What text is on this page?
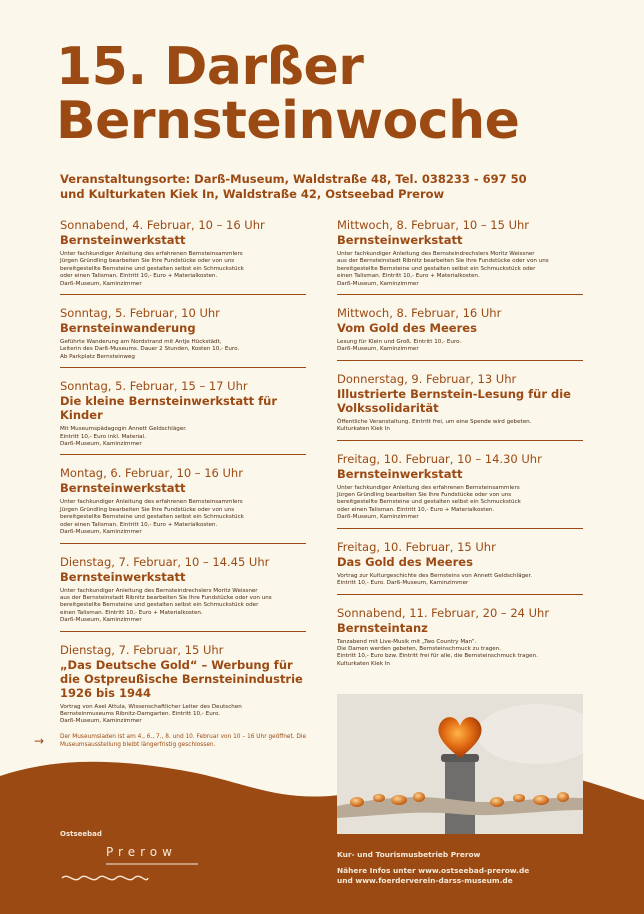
15. Darßer
Bernsteinwoche
Veranstaltungsorte: Darß-Museum, Waldstraße 48, Tel. 038233 - 697 50
und Kulturkaten Kiek In, Waldstraße 42, Ostseebad Prerow
Sonnabend, 4. Februar, 10 – 16 Uhr
Bernsteinwerkstatt
Unter fachkundiger Anleitung des erfahrenen Bernsteinsammlers
Jürgen Gründling bearbeiten Sie Ihre Fundstücke oder von uns
bereitgestellte Bernsteine und gestalten selbst ein Schmuckstück
oder einen Talisman. Eintritt 10,- Euro + Materialkosten.
Darß-Museum, Kaminzimmer
Sonntag, 5. Februar, 10 Uhr
Bernsteinwanderung
Geführte Wanderung am Nordstrand mit Antje Hückstädt,
Leiterin des Darß-Museums. Dauer 2 Stunden, Kosten 10,- Euro.
Ab Parkplatz Bernsteinweg
Sonntag, 5. Februar, 15 – 17 Uhr
Die kleine Bernsteinwerkstatt für Kinder
Mit Museumspädagogin Annett Geldschläger.
Eintritt 10,- Euro inkl. Material.
Darß-Museum, Kaminzimmer
Montag, 6. Februar, 10 – 16 Uhr
Bernsteinwerkstatt
Unter fachkundiger Anleitung des erfahrenen Bernsteinsammlers
Jürgen Gründling bearbeiten Sie Ihre Fundstücke oder von uns
bereitgestellte Bernsteine und gestalten selbst ein Schmuckstück
oder einen Talisman. Eintritt 10,- Euro + Materialkosten.
Darß-Museum, Kaminzimmer
Dienstag, 7. Februar, 10 – 14.45 Uhr
Bernsteinwerkstatt
Unter fachkundiger Anleitung des Bernsteindrechslers Moritz Weissner
aus der Bernsteinstadt Ribnitz bearbeiten Sie Ihre Fundstücke oder von uns
bereitgestellte Bernsteine und gestalten selbst ein Schmuckstück oder
einen Talisman. Eintritt 10,- Euro + Materialkosten.
Darß-Museum, Kaminzimmer
Dienstag, 7. Februar, 15 Uhr
„Das Deutsche Gold“ – Werbung für die Ostpreußische Bernsteinindustrie 1926 bis 1944
Vortrag von Axel Attula, Wissenschaftlicher Leiter des Deutschen
Bernsteinmuseums Ribnitz-Damgarten. Eintritt 10,- Euro.
Darß-Museum, Kaminzimmer
Mittwoch, 8. Februar, 10 – 15 Uhr
Bernsteinwerkstatt
Unter fachkundiger Anleitung des Bernsteindrechslers Moritz Weissner
aus der Bernsteinstadt Ribnitz bearbeiten Sie Ihre Fundstücke oder von uns
bereitgestellte Bernsteine und gestalten selbst ein Schmuckstück oder
einen Talisman. Eintritt 10,- Euro + Materialkosten.
Darß-Museum, Kaminzimmer
Mittwoch, 8. Februar, 16 Uhr
Vom Gold des Meeres
Lesung für Klein und Groß. Eintritt 10,- Euro.
Darß-Museum, Kaminzimmer
Donnerstag, 9. Februar, 13 Uhr
Illustrierte Bernstein-Lesung für die Volkssolidarität
Öffentliche Veranstaltung. Eintritt frei, um eine Spende wird gebeten.
Kulturkaten Kiek In
Freitag, 10. Februar, 10 – 14.30 Uhr
Bernsteinwerkstatt
Unter fachkundiger Anleitung des erfahrenen Bernsteinsammlers
Jürgen Gründling bearbeiten Sie Ihre Fundstücke oder von uns
bereitgestellte Bernsteine und gestalten selbst ein Schmuckstück
oder einen Talisman. Eintritt 10,- Euro + Materialkosten.
Darß-Museum, Kaminzimmer
Freitag, 10. Februar, 15 Uhr
Das Gold des Meeres
Vortrag zur Kulturgeschichte des Bernsteins von Annett Geldschläger.
Eintritt 10,- Euro. Darß-Museum, Kaminzimmer
Sonnabend, 11. Februar, 20 – 24 Uhr
Bernsteintanz
Tanzabend mit Live-Musik mit „Two Country Man“.
Die Damen werden gebeten, Bernsteinschmuck zu tragen.
Eintritt 10,- Euro bzw. Eintritt frei für alle, die Bernsteinschmuck tragen.
Kulturkaten Kiek In
→	Der Museumsladen ist am 4., 6., 7., 8. und 10. Februar von 10 – 16 Uhr geöffnet. Die Museumsausstellung bleibt längerfristig geschlossen.
Ostseebad
Prerow	Kur- und Tourismusbetrieb Prerow
Nähere Infos unter www.ostseebad-prerow.de
und www.foerderverein-darss-museum.de
